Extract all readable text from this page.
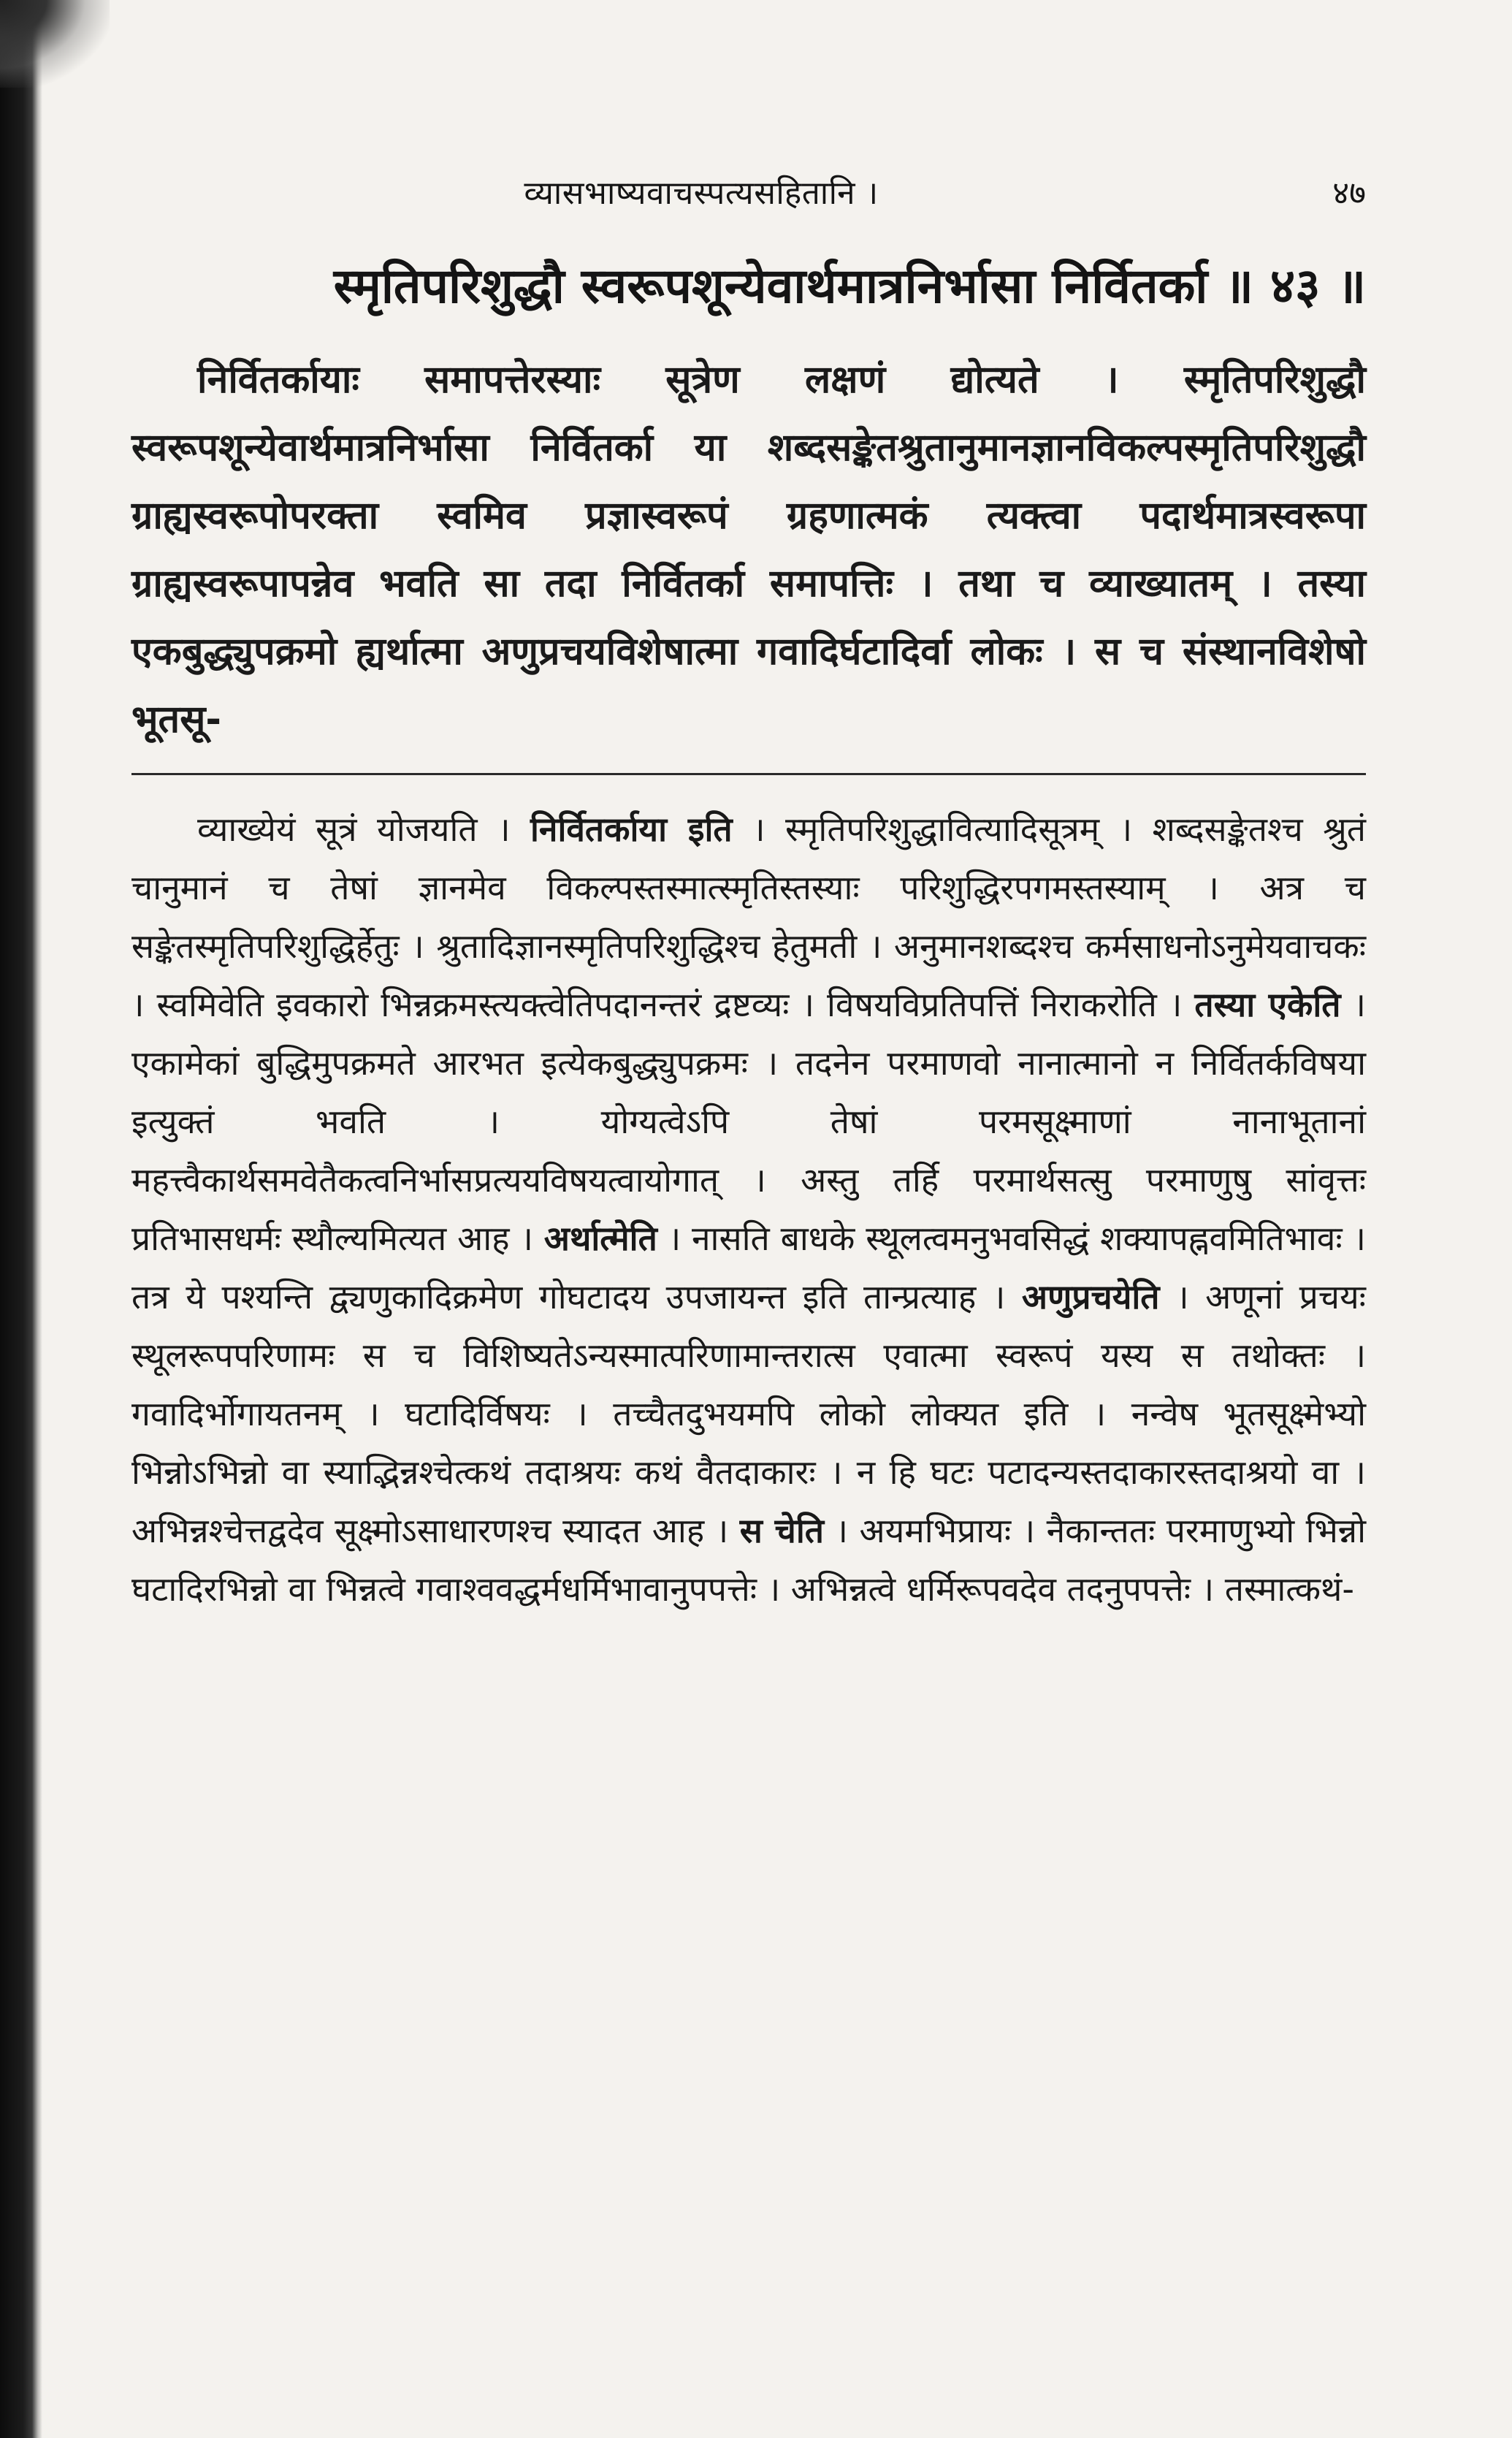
व्यासभाष्यवाचस्पत्यसहितानि ।	४७
स्मृतिपरिशुद्धौ स्वरूपशून्येवार्थमात्रनिर्भासा निर्वितर्का ॥ ४३ ॥

निर्वितर्कायाः समापत्तेरस्याः सूत्रेण लक्षणं द्योत्यते । स्मृतिपरिशुद्धौ स्वरूपशून्येवार्थमात्रनिर्भासा निर्वितर्का या शब्दसङ्केतश्रुतानुमानज्ञानविकल्पस्मृतिपरिशुद्धौ ग्राह्यस्वरूपोपरक्ता स्वमिव प्रज्ञास्वरूपं ग्रहणात्मकं त्यक्त्वा पदार्थमात्रस्वरूपा ग्राह्यस्वरूपापन्नेव भवति सा तदा निर्वितर्का समापत्तिः । तथा च व्याख्यातम् । तस्या एकबुद्ध्युपक्रमो ह्यर्थात्मा अणुप्रचयविशेषात्मा गवादिर्घटादिर्वा लोकः । स च संस्थानविशेषो भूतसू-

व्याख्येयं सूत्रं योजयति । निर्वितर्काया इति । स्मृतिपरिशुद्धावित्यादिसूत्रम् । शब्दसङ्केतश्च श्रुतं चानुमानं च तेषां ज्ञानमेव विकल्पस्तस्मात्स्मृतिस्तस्याः परिशुद्धिरपगमस्तस्याम् । अत्र च सङ्केतस्मृतिपरिशुद्धिर्हेतुः । श्रुतादिज्ञानस्मृतिपरिशुद्धिश्च हेतुमती । अनुमानशब्दश्च कर्मसाधनोऽनुमेयवाचकः । स्वमिवेति इवकारो भिन्नक्रमस्त्यक्त्वेतिपदानन्तरं द्रष्टव्यः । विषयविप्रतिपत्तिं निराकरोति । तस्या एकेति । एकामेकां बुद्धिमुपक्रमते आरभत इत्येकबुद्ध्युपक्रमः । तदनेन परमाणवो नानात्मानो न निर्वितर्कविषया इत्युक्तं भवति । योग्यत्वेऽपि तेषां परमसूक्ष्माणां नानाभूतानां महत्त्वैकार्थसमवेतैकत्वनिर्भासप्रत्ययविषयत्वायोगात् । अस्तु तर्हि परमार्थसत्सु परमाणुषु सांवृत्तः प्रतिभासधर्मः स्थौल्यमित्यत आह । अर्थात्मेति । नासति बाधके स्थूलत्वमनुभवसिद्धं शक्यापह्नवमितिभावः । तत्र ये पश्यन्ति द्व्यणुकादिक्रमेण गोघटादय उपजायन्त इति तान्प्रत्याह । अणुप्रचयेति । अणूनां प्रचयः स्थूलरूपपरिणामः स च विशिष्यतेऽन्यस्मात्परिणामान्तरात्स एवात्मा स्वरूपं यस्य स तथोक्तः । गवादिर्भोगायतनम् । घटादिर्विषयः । तच्चैतदुभयमपि लोको लोक्यत इति । नन्वेष भूतसूक्ष्मेभ्यो भिन्नोऽभिन्नो वा स्याद्भिन्नश्चेत्कथं तदाश्रयः कथं वैतदाकारः । न हि घटः पटादन्यस्तदाकारस्तदाश्रयो वा । अभिन्नश्चेत्तद्वदेव सूक्ष्मोऽसाधारणश्च स्यादत आह । स चेति । अयमभिप्रायः । नैकान्ततः परमाणुभ्यो भिन्नो घटादिरभिन्नो वा भिन्नत्वे गवाश्ववद्धर्मधर्मिभावानुपपत्तेः । अभिन्नत्वे धर्मिरूपवदेव तदनुपपत्तेः । तस्मात्कथं-
